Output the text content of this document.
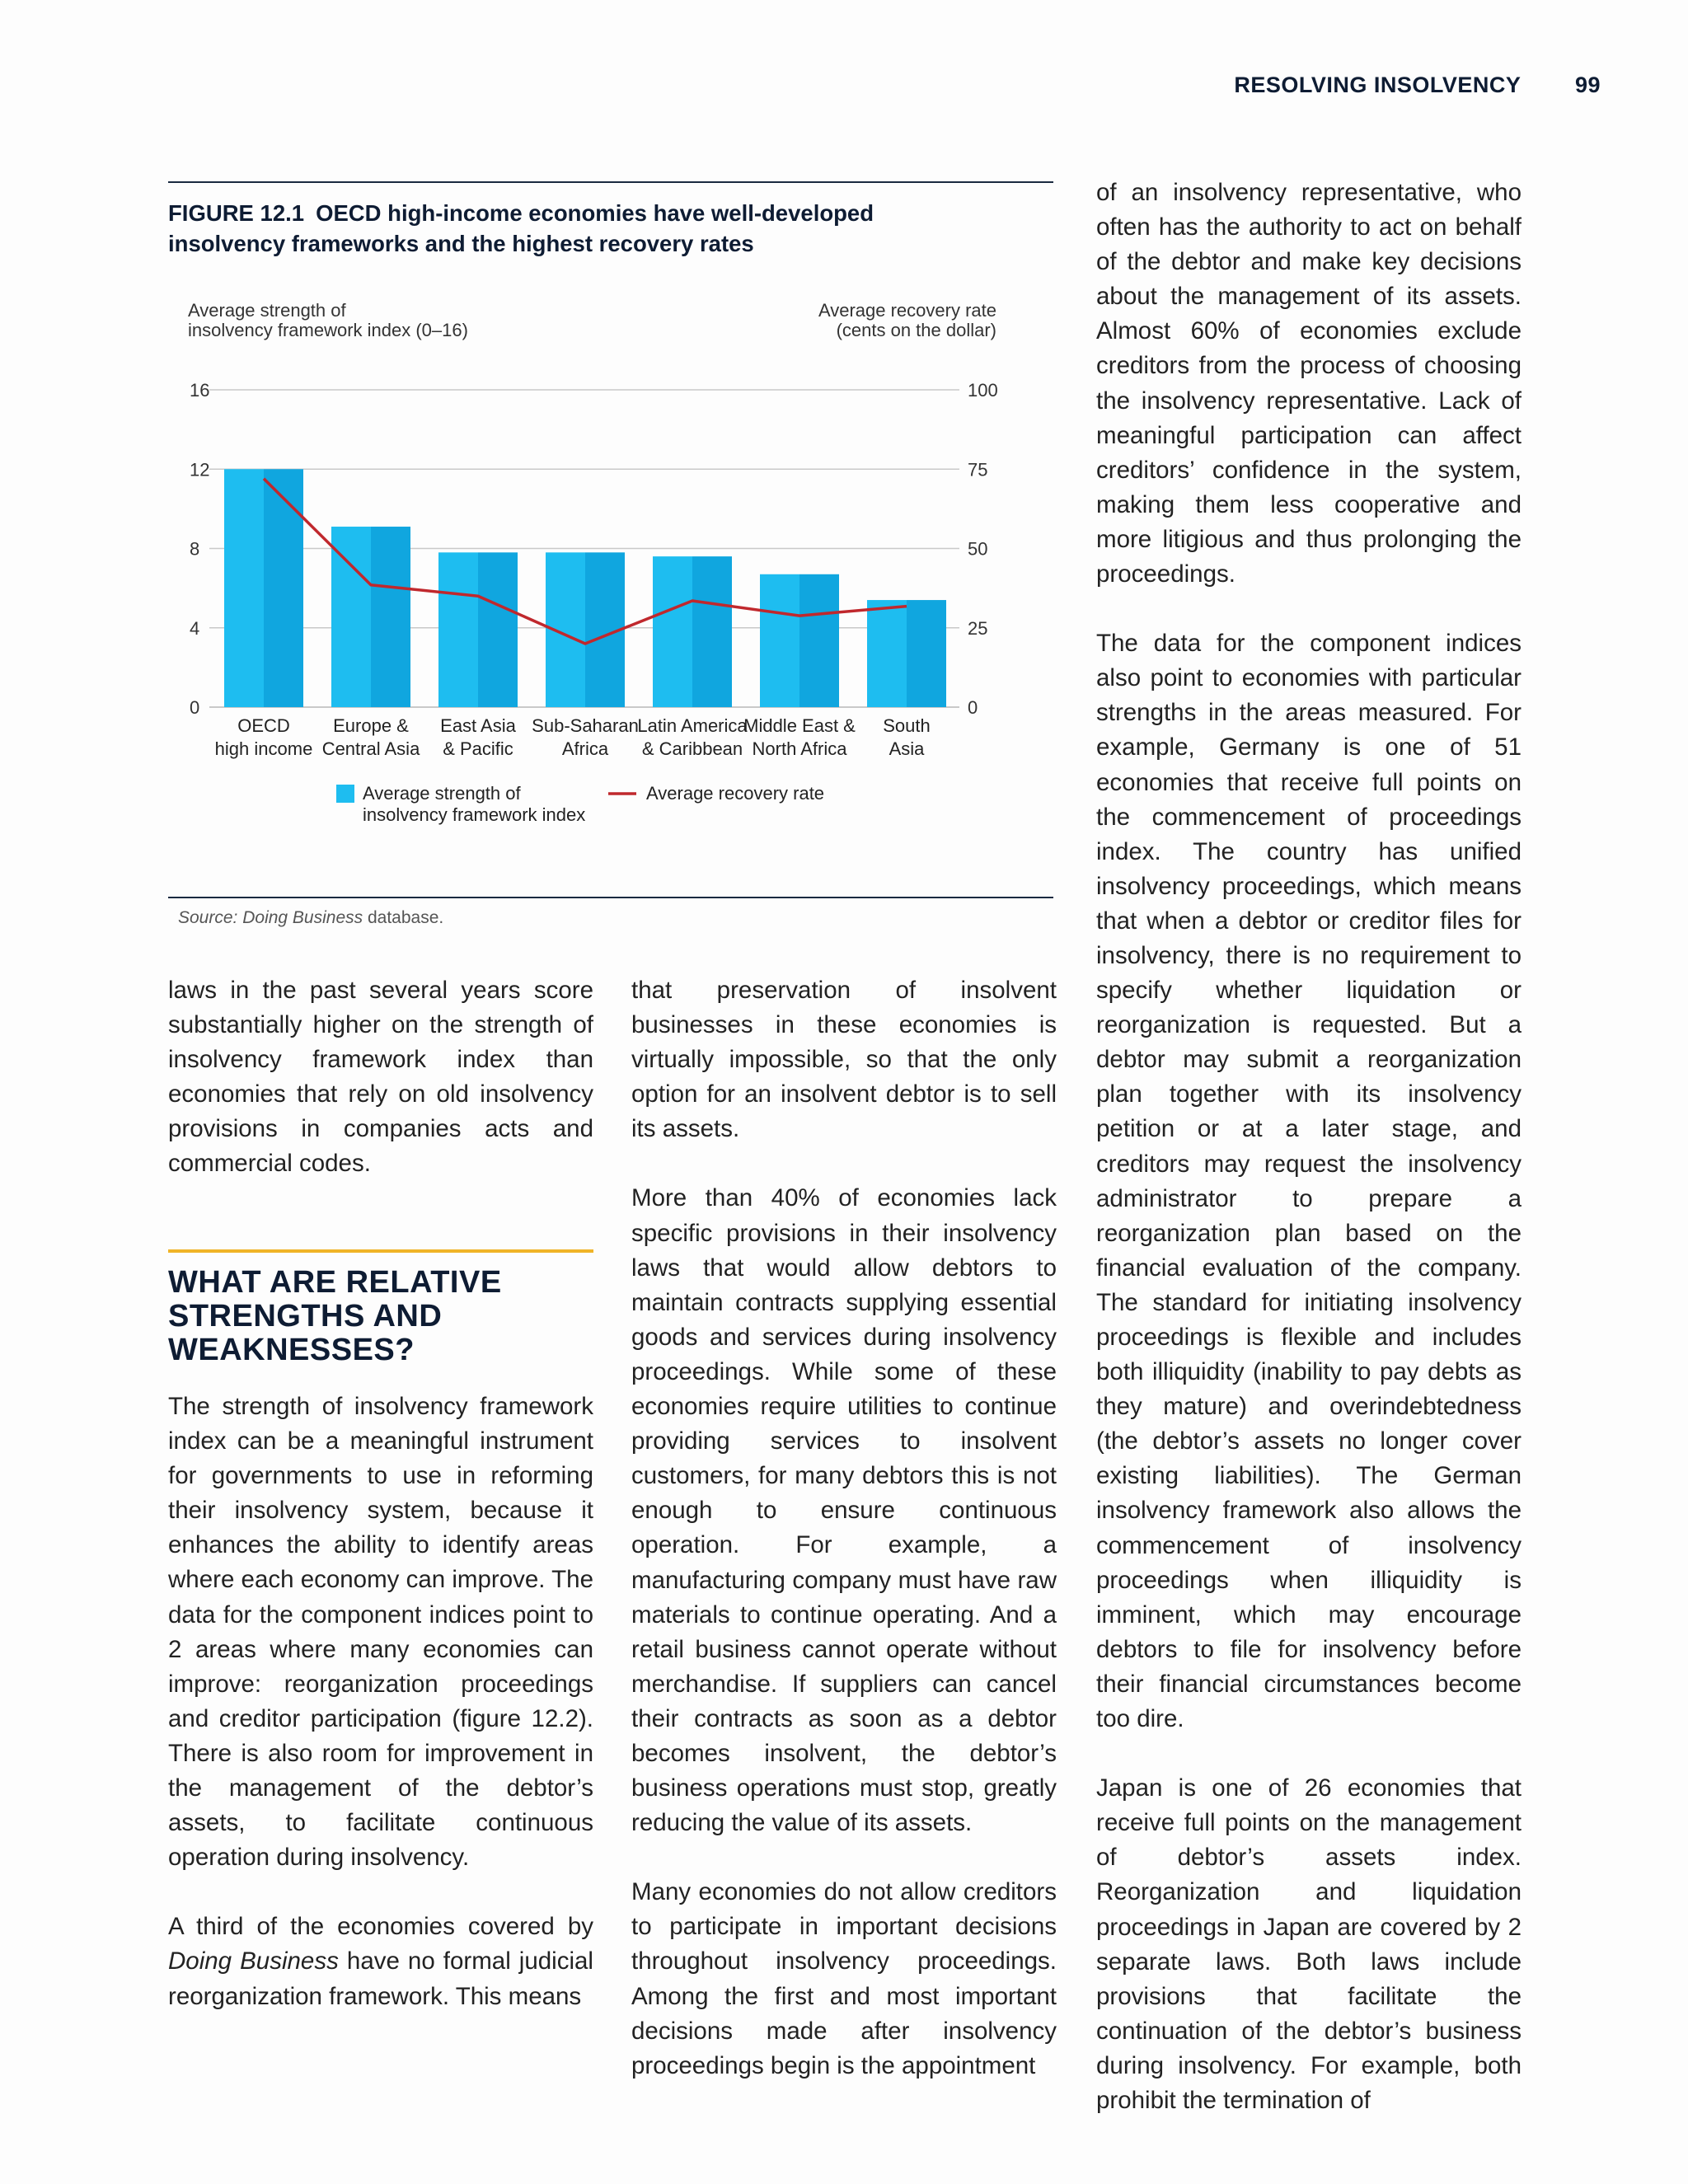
RESOLVING INSOLVENCY 99
FIGURE 12.1 OECD high-income economies have well-developed insolvency frameworks and the highest recovery rates
Average strength of
insolvency framework index (0–16)
Average recovery rate
(cents on the dollar)
16
12
8
4
0
100
75
50
25
0
OECD
high income
Europe &
Central Asia
East Asia
& Pacific
Sub-Saharan
Africa
Latin America
& Caribbean
Middle East &
North Africa
South
Asia
Average strength of
insolvency framework index
Average recovery rate
Source: Doing Business database.

laws in the past several years score substantially higher on the strength of insolvency framework index than economies that rely on old insolvency provisions in companies acts and commercial codes.

WHAT ARE RELATIVE STRENGTHS AND WEAKNESSES?

The strength of insolvency framework index can be a meaningful instrument for governments to use in reforming their insolvency system, because it enhances the ability to identify areas where each economy can improve. The data for the component indices point to 2 areas where many economies can improve: reorganization proceedings and creditor participation (figure 12.2). There is also room for improvement in the management of the debtor’s assets, to facilitate continuous operation during insolvency.

A third of the economies covered by Doing Business have no formal judicial reorganization framework. This means

that preservation of insolvent businesses in these economies is virtually impossible, so that the only option for an insolvent debtor is to sell its assets.

More than 40% of economies lack specific provisions in their insolvency laws that would allow debtors to maintain contracts supplying essential goods and services during insolvency proceedings. While some of these economies require utilities to continue providing services to insolvent customers, for many debtors this is not enough to ensure continuous operation. For example, a manufacturing company must have raw materials to continue operating. And a retail business cannot operate without merchandise. If suppliers can cancel their contracts as soon as a debtor becomes insolvent, the debtor’s business operations must stop, greatly reducing the value of its assets.

Many economies do not allow creditors to participate in important decisions throughout insolvency proceedings. Among the first and most important decisions made after insolvency proceedings begin is the appointment

of an insolvency representative, who often has the authority to act on behalf of the debtor and make key decisions about the management of its assets. Almost 60% of economies exclude creditors from the process of choosing the insolvency representative. Lack of meaningful participation can affect creditors’ confidence in the system, making them less cooperative and more litigious and thus prolonging the proceedings.

The data for the component indices also point to economies with particular strengths in the areas measured. For example, Germany is one of 51 economies that receive full points on the commencement of proceedings index. The country has unified insolvency proceedings, which means that when a debtor or creditor files for insolvency, there is no requirement to specify whether liquidation or reorganization is requested. But a debtor may submit a reorganization plan together with its insolvency petition or at a later stage, and creditors may request the insolvency administrator to prepare a reorganization plan based on the financial evaluation of the company. The standard for initiating insolvency proceedings is flexible and includes both illiquidity (inability to pay debts as they mature) and overindebtedness (the debtor’s assets no longer cover existing liabilities). The German insolvency framework also allows the commencement of insolvency proceedings when illiquidity is imminent, which may encourage debtors to file for insolvency before their financial circumstances become too dire.

Japan is one of 26 economies that receive full points on the management of debtor’s assets index. Reorganization and liquidation proceedings in Japan are covered by 2 separate laws. Both laws include provisions that facilitate the continuation of the debtor’s business during insolvency. For example, both prohibit the termination of
